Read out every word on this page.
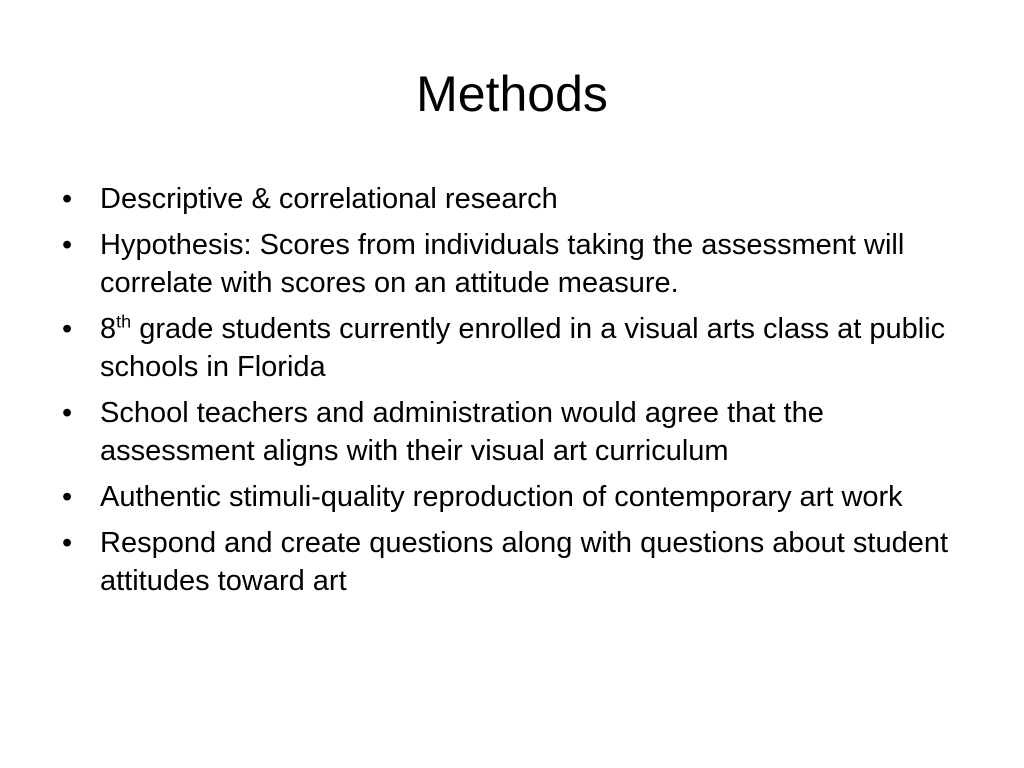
Methods
• Descriptive & correlational research
• Hypothesis: Scores from individuals taking the assessment will correlate with scores on an attitude measure.
• 8th grade students currently enrolled in a visual arts class at public schools in Florida
• School teachers and administration would agree that the assessment aligns with their visual art curriculum
• Authentic stimuli-quality reproduction of contemporary art work
• Respond and create questions along with questions about student attitudes toward art
